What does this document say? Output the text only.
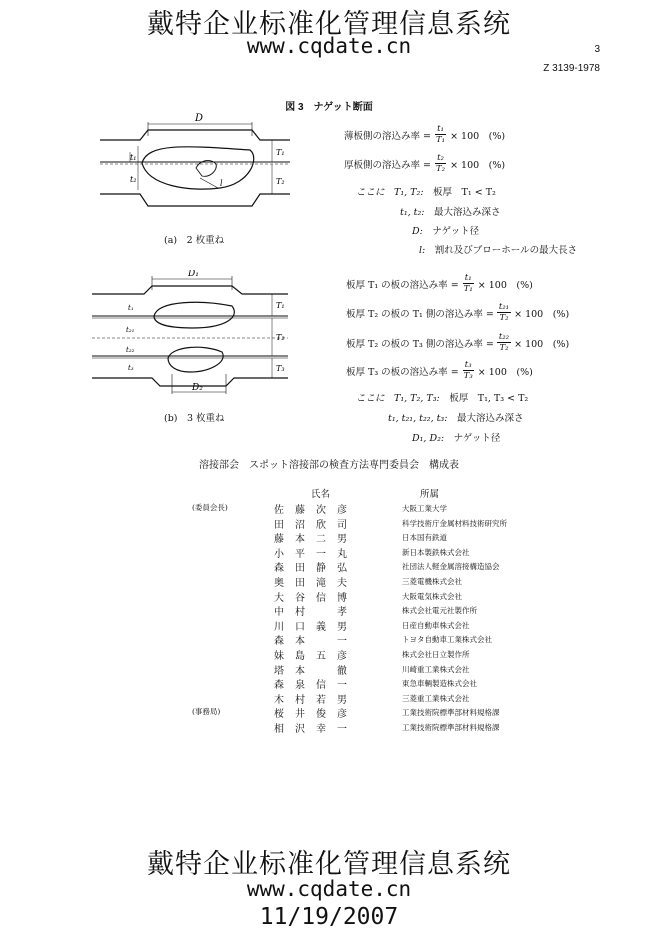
戴特企业标准化管理信息系统
www.cqdate.cn	3
Z 3139-1978
図 3　ナゲット断面
D
t₁
t₂
T₁
T₂
l
(a)　2 枚重ね
薄板側の溶込み率 = $\frac{\text{t₁}}{\text{T₁}} \times 100$　(%)
厚板側の溶込み率 = $\frac{\text{t₂}}{\text{T₂}} \times 100$　(%)
ここに　T₁, T₂:　 板厚　T₁ < T₂
t₁, t₂:　 最大溶込み深さ
D:　 ナゲット径
l:　 割れ及びブローホールの最大長さ
D₁
D₂
t₁
t₂₁
t₂₂
t₃
T₁
T₂
T₃
(b)　3 枚重ね
板厚 T₁ の板の溶込み率 = $\frac{\text{t₁}}{\text{T₁}} \times 100$　(%)
板厚 T₂ の板の T₁ 側の溶込み率 = $\frac{\text{t₂₁}}{\text{T₂}} \times 100$　(%)
板厚 T₂ の板の T₃ 側の溶込み率 = $\frac{\text{t₂₂}}{\text{T₂}} \times 100$　(%)
板厚 T₃ の板の溶込み率 = $\frac{\text{t₃}}{\text{T₃}} \times 100$　(%)
ここに　T₁, T₂, T₃:　 板厚　T₁, T₃ < T₂
t₁, t₂₁, t₂₂, t₃:　 最大溶込み深さ
D₁, D₂:　 ナゲット径
溶接部会　スポット溶接部の検査方法専門委員会　構成表
氏名	所属
(委員会長)	佐藤次彦	大阪工業大学
田沼欣司	科学技術庁金属材料技術研究所
藤本二男	日本国有鉄道
小平一丸	新日本製鉄株式会社
森田静弘	社団法人軽金属溶接構造協会
奥田滝夫	三菱電機株式会社
大谷信博	大阪電気株式会社
中村　孝	株式会社電元社製作所
川口義男	日産自動車株式会社
森本　一	トヨタ自動車工業株式会社
妹島五彦	株式会社日立製作所
塔本　徹	川崎重工業株式会社
森泉信一	東急車輌製造株式会社
木村若男	三菱重工業株式会社
(事務局)	桜井俊彦	工業技術院標準部材料規格課
相沢幸一	工業技術院標準部材料規格課
戴特企业标准化管理信息系统
www.cqdate.cn
11/19/2007
